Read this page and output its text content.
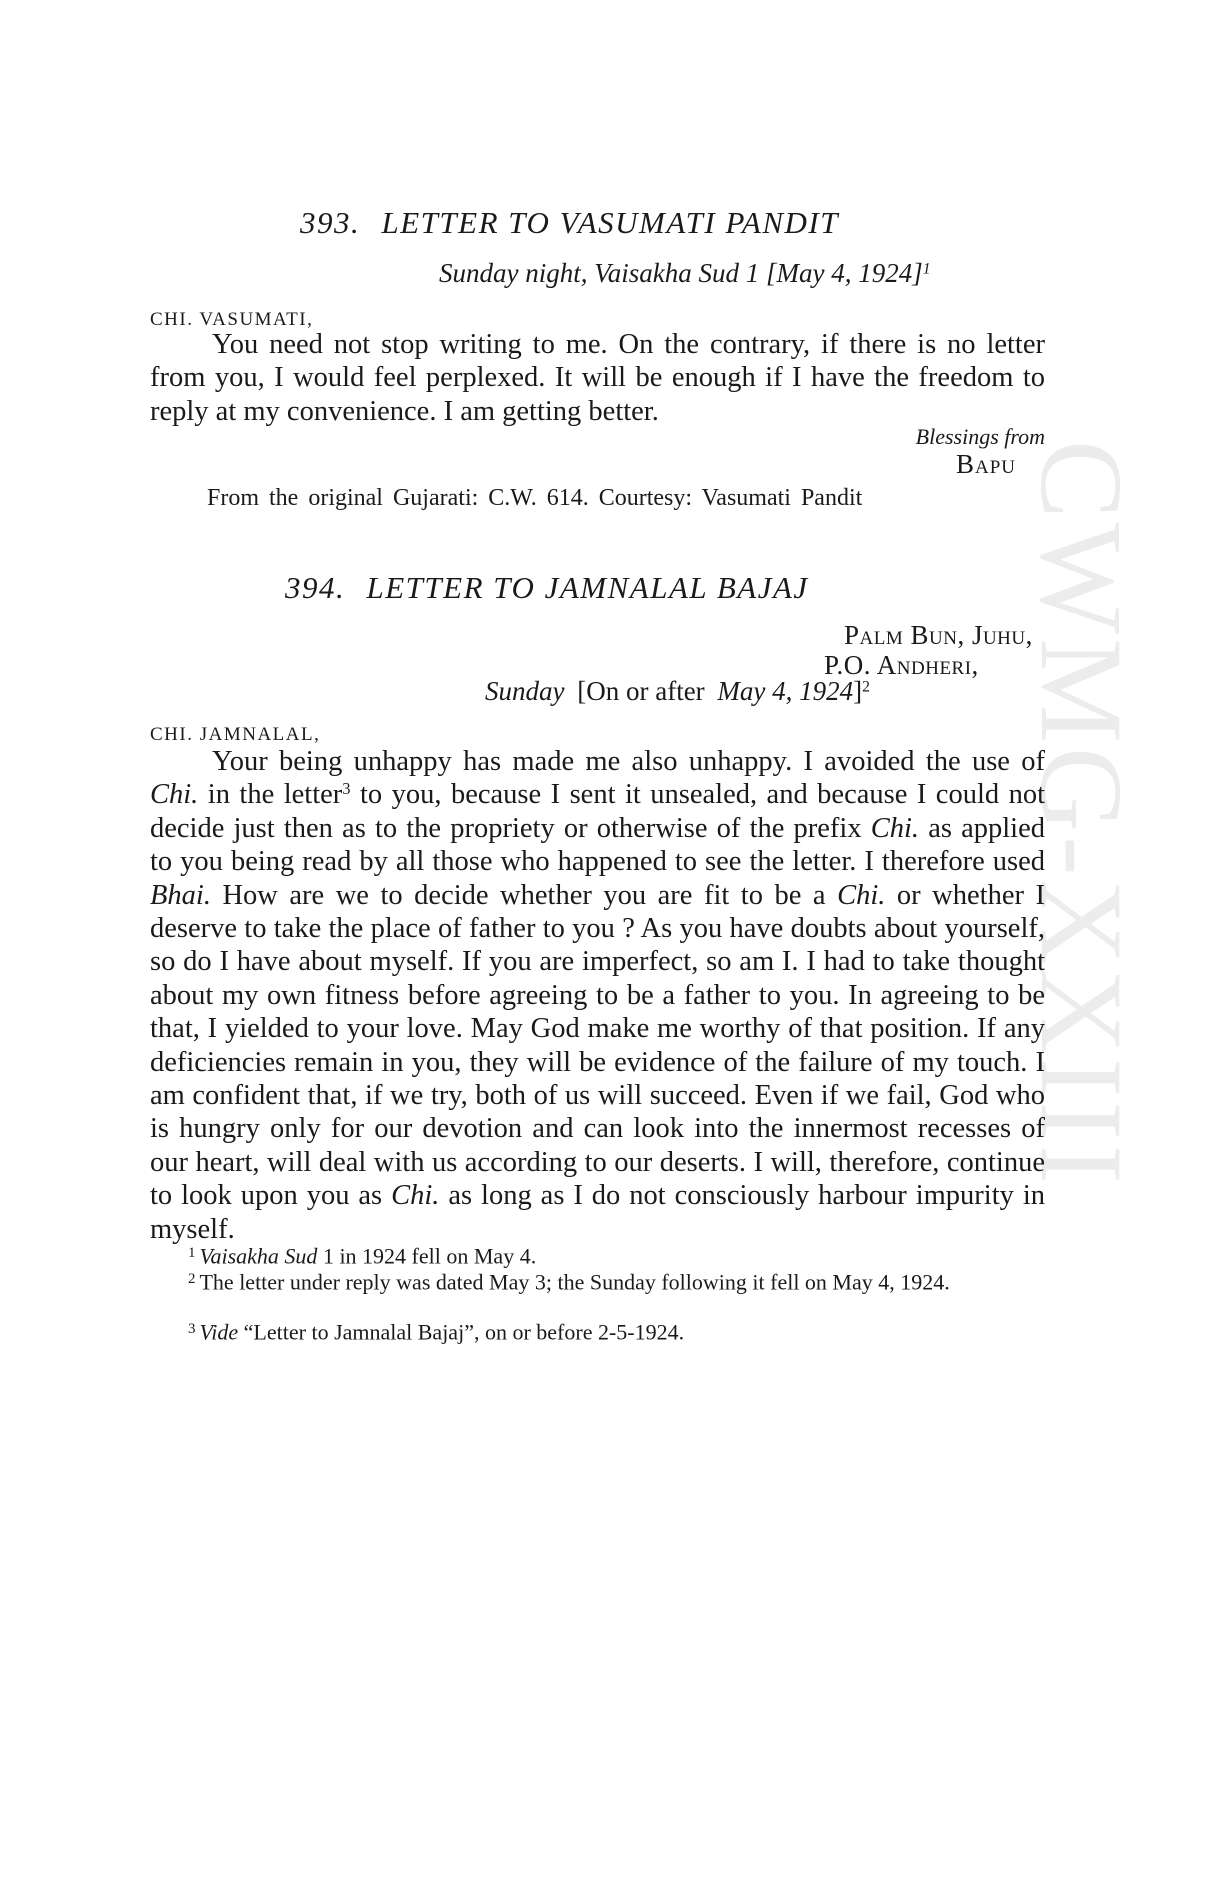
CWMG-XXIII
393. LETTER TO VASUMATI PANDIT
Sunday night, Vaisakha Sud 1 [May 4, 1924]$^1$
CHI. VASUMATI,

You need not stop writing to me. On the contrary, if there is no letter from you, I would feel perplexed. It will be enough if I have the freedom to reply at my convenience. I am getting better.

Blessings from
Bapu
From the original Gujarati: C.W. 614. Courtesy: Vasumati Pandit
394. LETTER TO JAMNALAL BAJAJ
Palm Bun, Juhu,
P.O. Andheri,
Sunday [On or after May 4, 1924]$^2$
CHI. JAMNALAL,

Your being unhappy has made me also unhappy. I avoided the use of Chi. in the letter$^3$ to you, because I sent it unsealed, and because I could not decide just then as to the propriety or otherwise of the prefix Chi. as applied to you being read by all those who happened to see the letter. I therefore used Bhai. How are we to decide whether you are fit to be a Chi. or whether I deserve to take the place of father to you ? As you have doubts about yourself, so do I have about myself. If you are imperfect, so am I. I had to take thought about my own fitness before agreeing to be a father to you. In agreeing to be that, I yielded to your love. May God make me worthy of that position. If any deficiencies remain in you, they will be evidence of the failure of my touch. I am confident that, if we try, both of us will succeed. Even if we fail, God who is hungry only for our devotion and can look into the innermost recesses of our heart, will deal with us according to our deserts. I will, therefore, continue to look upon you as Chi. as long as I do not consciously harbour impurity in myself.

$^1$ Vaisakha Sud 1 in 1924 fell on May 4.

$^2$ The letter under reply was dated May 3; the Sunday following it fell on May 4, 1924.

$^3$ Vide “Letter to Jamnalal Bajaj”, on or before 2-5-1924.
